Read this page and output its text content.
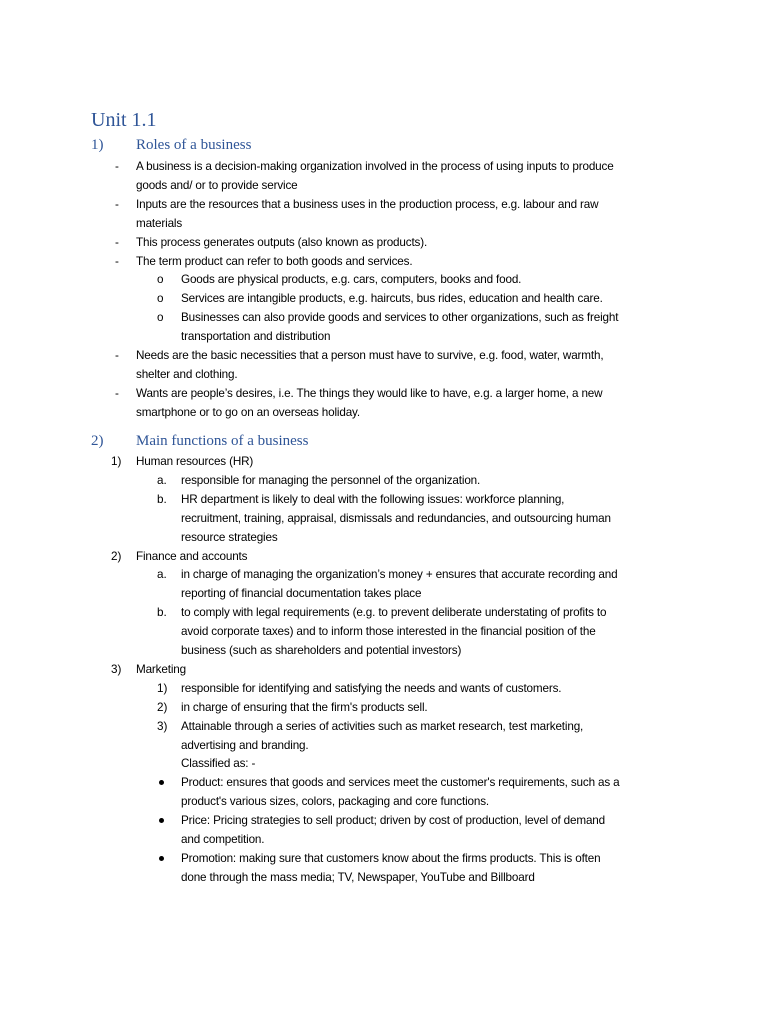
Unit 1.1
1) Roles of a business
2) Main functions of a business
- A business is a decision-making organization involved in the process of using inputs to produce
goods and/ or to provide service
- Inputs are the resources that a business uses in the production process, e.g. labour and raw
materials
- This process generates outputs (also known as products).
- The term product can refer to both goods and services.
o Goods are physical products, e.g. cars, computers, books and food.
o Services are intangible products, e.g. haircuts, bus rides, education and health care.
o Businesses can also provide goods and services to other organizations, such as freight
transportation and distribution
- Needs are the basic necessities that a person must have to survive, e.g. food, water, warmth,
shelter and clothing.
- Wants are people’s desires, i.e. The things they would like to have, e.g. a larger home, a new
smartphone or to go on an overseas holiday.
1) Human resources (HR)
a. responsible for managing the personnel of the organization.
b. HR department is likely to deal with the following issues: workforce planning,
recruitment, training, appraisal, dismissals and redundancies, and outsourcing human
resource strategies
2) Finance and accounts
a. in charge of managing the organization’s money + ensures that accurate recording and
reporting of financial documentation takes place
b. to comply with legal requirements (e.g. to prevent deliberate understating of profits to
avoid corporate taxes) and to inform those interested in the financial position of the
business (such as shareholders and potential investors)
3) Marketing
1) responsible for identifying and satisfying the needs and wants of customers.
2) in charge of ensuring that the firm's products sell.
3) Attainable through a series of activities such as market research, test marketing,
advertising and branding.
Classified as: -
Product: ensures that goods and services meet the customer's requirements, such as a
product's various sizes, colors, packaging and core functions.
Price: Pricing strategies to sell product; driven by cost of production, level of demand
and competition.
Promotion: making sure that customers know about the firms products. This is often
done through the mass media; TV, Newspaper, YouTube and Billboard
